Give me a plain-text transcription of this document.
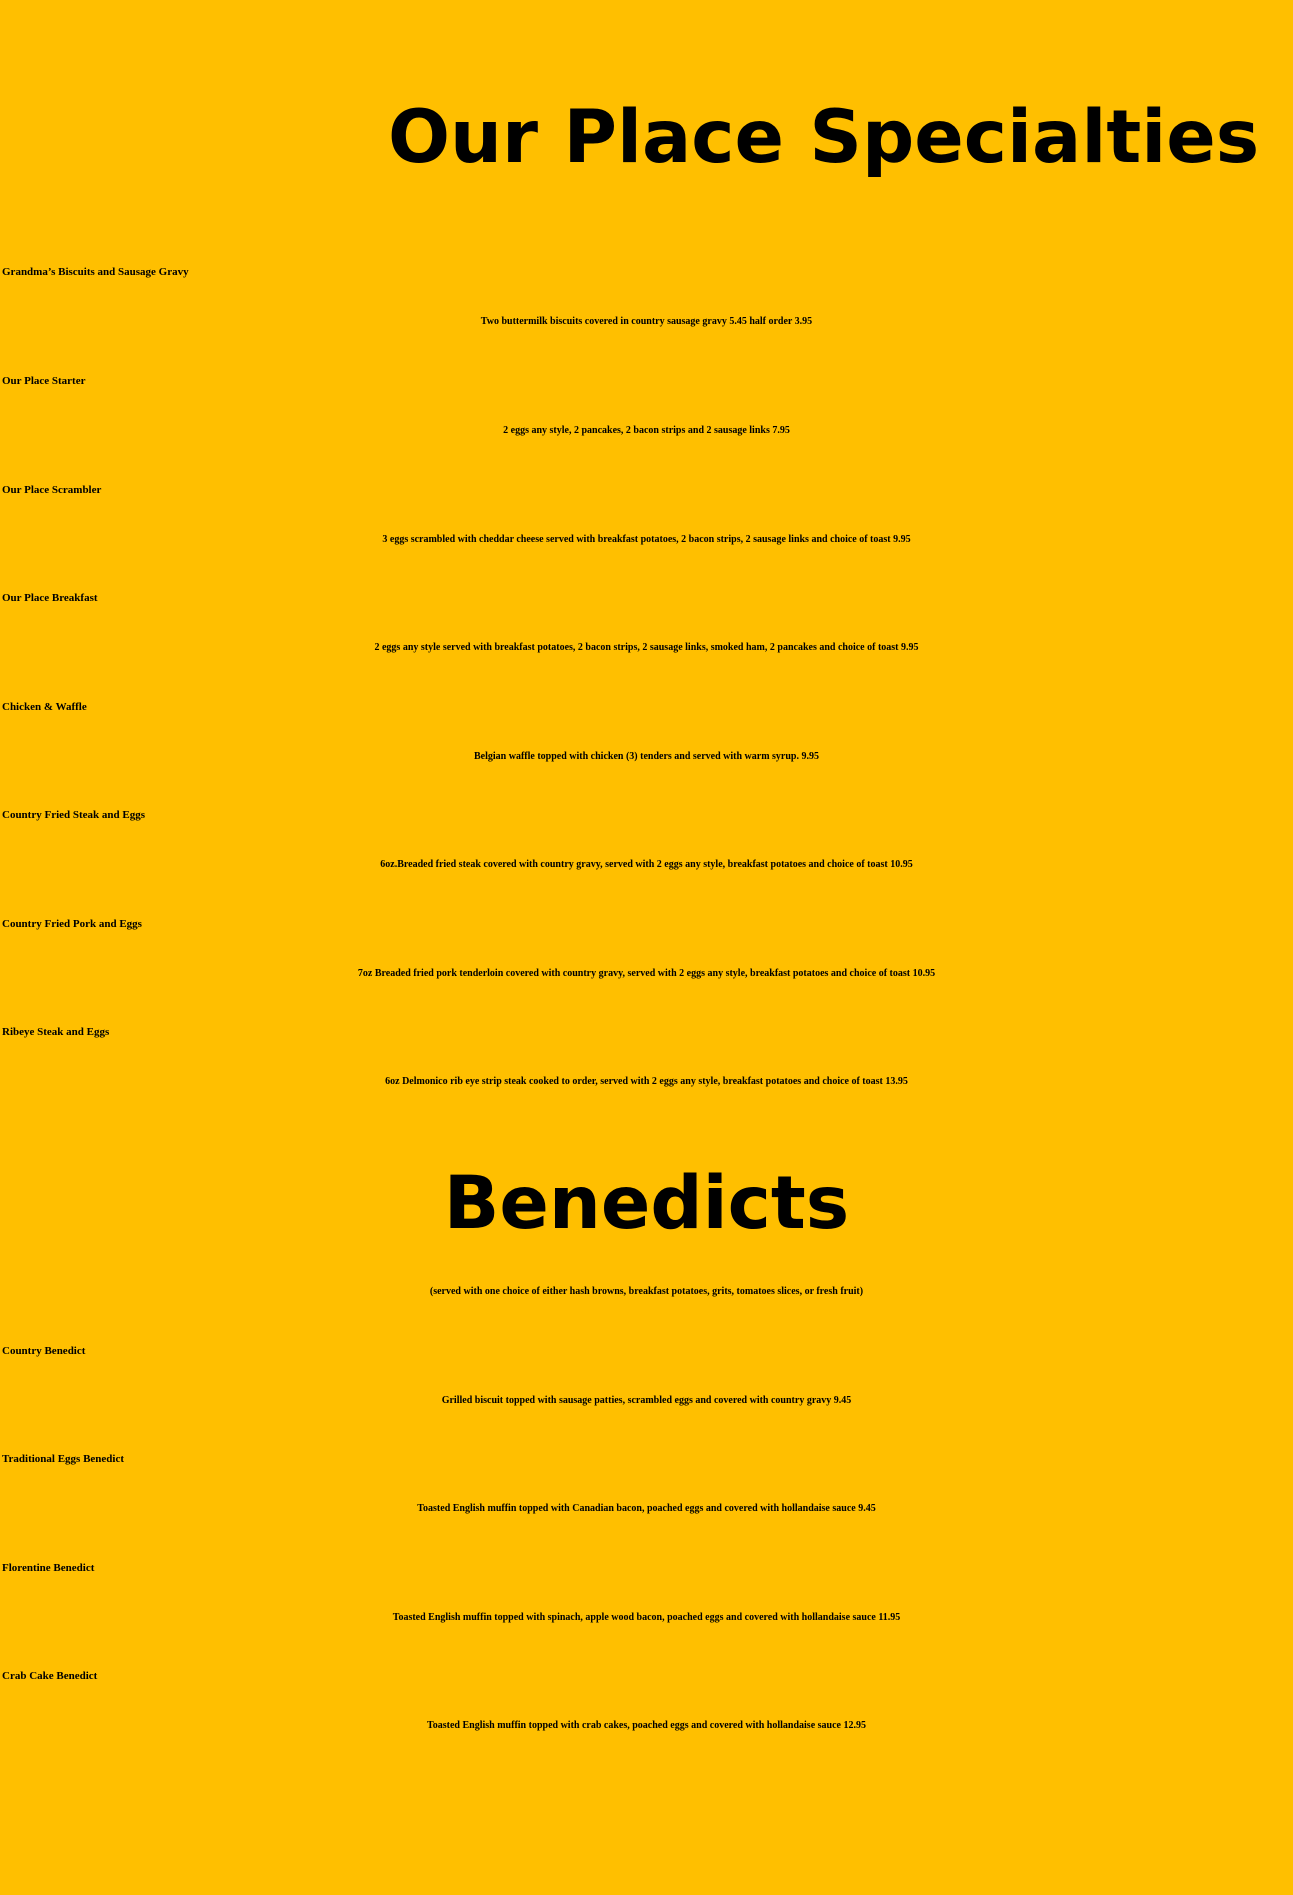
Our Place Specialties
Grandma’s Biscuits and Sausage Gravy
Two buttermilk biscuits covered in country sausage gravy 5.45 half order 3.95
Our Place Starter
2 eggs any style, 2 pancakes, 2 bacon strips and 2 sausage links 7.95
Our Place Scrambler
3 eggs scrambled with cheddar cheese served with breakfast potatoes, 2 bacon strips, 2 sausage links and choice of toast 9.95
Our Place Breakfast
2 eggs any style served with breakfast potatoes, 2 bacon strips, 2 sausage links, smoked ham, 2 pancakes and choice of toast 9.95
Chicken & Waffle
Belgian waffle topped with chicken (3) tenders and served with warm syrup. 9.95
Country Fried Steak and Eggs
6oz.Breaded fried steak covered with country gravy, served with 2 eggs any style, breakfast potatoes and choice of toast 10.95
Country Fried Pork and Eggs
7oz Breaded fried pork tenderloin covered with country gravy, served with 2 eggs any style, breakfast potatoes and choice of toast 10.95
Ribeye Steak and Eggs
6oz Delmonico rib eye strip steak cooked to order, served with 2 eggs any style, breakfast potatoes and choice of toast 13.95
Benedicts
(served with one choice of either hash browns, breakfast potatoes, grits, tomatoes slices, or fresh fruit)
Country Benedict
Grilled biscuit topped with sausage patties, scrambled eggs and covered with country gravy 9.45
Traditional Eggs Benedict
Toasted English muffin topped with Canadian bacon, poached eggs and covered with hollandaise sauce 9.45
Florentine Benedict
Toasted English muffin topped with spinach, apple wood bacon, poached eggs and covered with hollandaise sauce 11.95
Crab Cake Benedict
Toasted English muffin topped with crab cakes, poached eggs and covered with hollandaise sauce 12.95
